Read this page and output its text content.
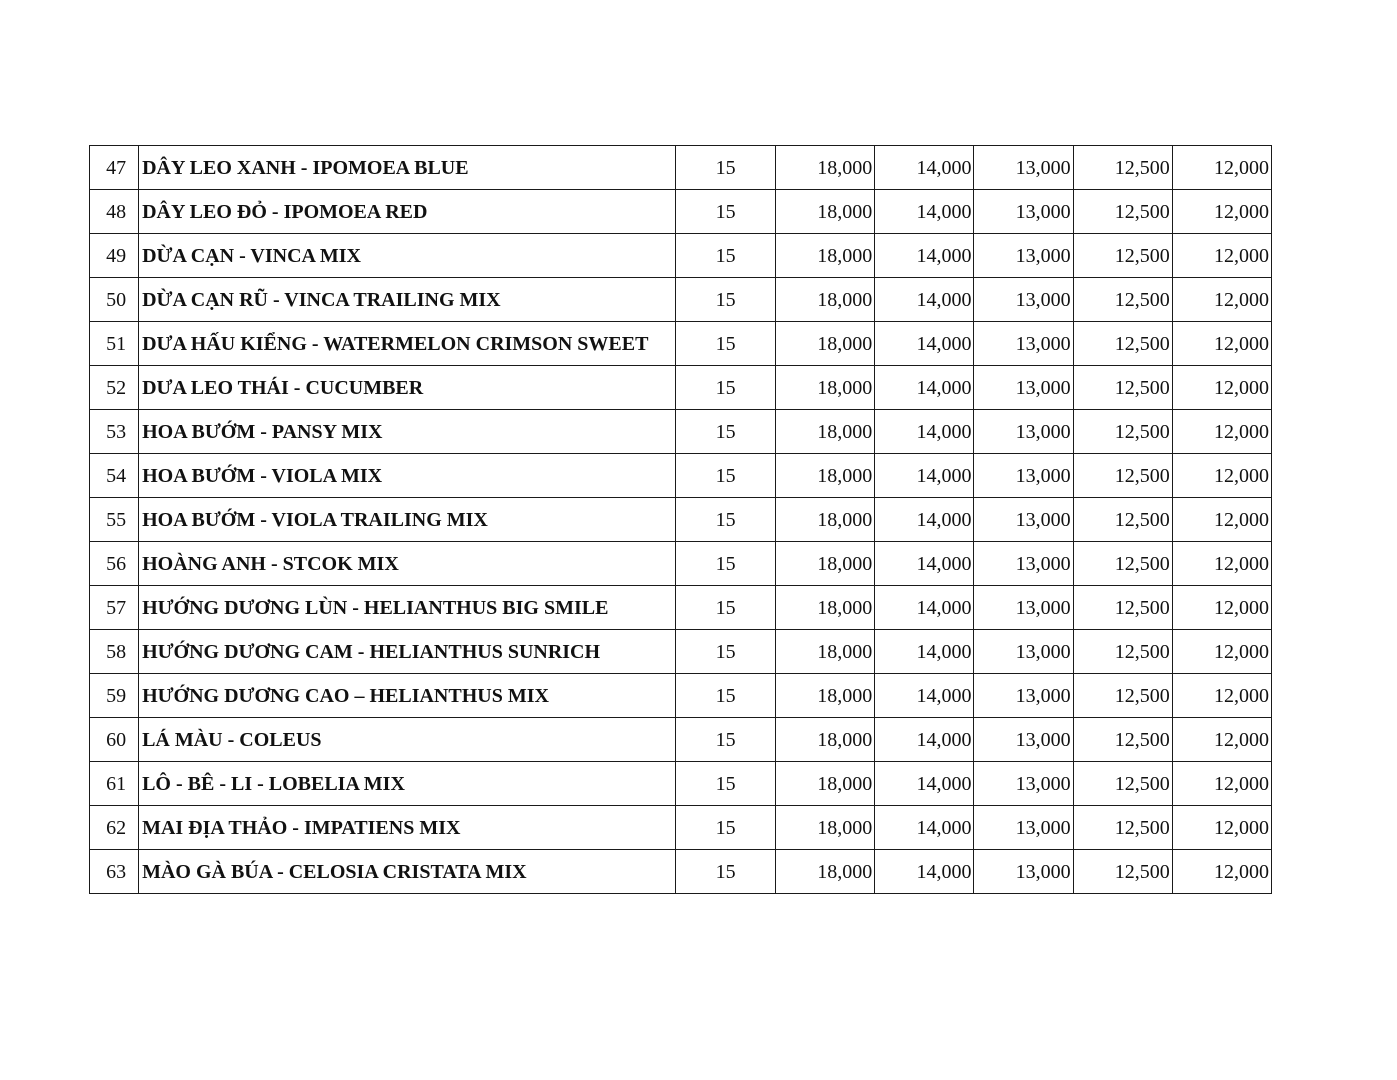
47	DÂY LEO XANH - IPOMOEA BLUE	15	18,000	14,000	13,000	12,500	12,000
48	DÂY LEO ĐỎ - IPOMOEA RED	15	18,000	14,000	13,000	12,500	12,000
49	DỪA CẠN - VINCA MIX	15	18,000	14,000	13,000	12,500	12,000
50	DỪA CẠN RŨ - VINCA TRAILING MIX	15	18,000	14,000	13,000	12,500	12,000
51	DƯA HẤU KIỂNG - WATERMELON CRIMSON SWEET	15	18,000	14,000	13,000	12,500	12,000
52	DƯA LEO THÁI - CUCUMBER	15	18,000	14,000	13,000	12,500	12,000
53	HOA BƯỚM - PANSY MIX	15	18,000	14,000	13,000	12,500	12,000
54	HOA BƯỚM - VIOLA MIX	15	18,000	14,000	13,000	12,500	12,000
55	HOA BƯỚM - VIOLA TRAILING MIX	15	18,000	14,000	13,000	12,500	12,000
56	HOÀNG ANH - STCOK MIX	15	18,000	14,000	13,000	12,500	12,000
57	HƯỚNG DƯƠNG LÙN - HELIANTHUS BIG SMILE	15	18,000	14,000	13,000	12,500	12,000
58	HƯỚNG DƯƠNG CAM - HELIANTHUS SUNRICH	15	18,000	14,000	13,000	12,500	12,000
59	HƯỚNG DƯƠNG CAO – HELIANTHUS MIX	15	18,000	14,000	13,000	12,500	12,000
60	LÁ MÀU - COLEUS	15	18,000	14,000	13,000	12,500	12,000
61	LÔ - BÊ - LI - LOBELIA MIX	15	18,000	14,000	13,000	12,500	12,000
62	MAI ĐỊA THẢO - IMPATIENS MIX	15	18,000	14,000	13,000	12,500	12,000
63	MÀO GÀ BÚA - CELOSIA CRISTATA MIX	15	18,000	14,000	13,000	12,500	12,000
